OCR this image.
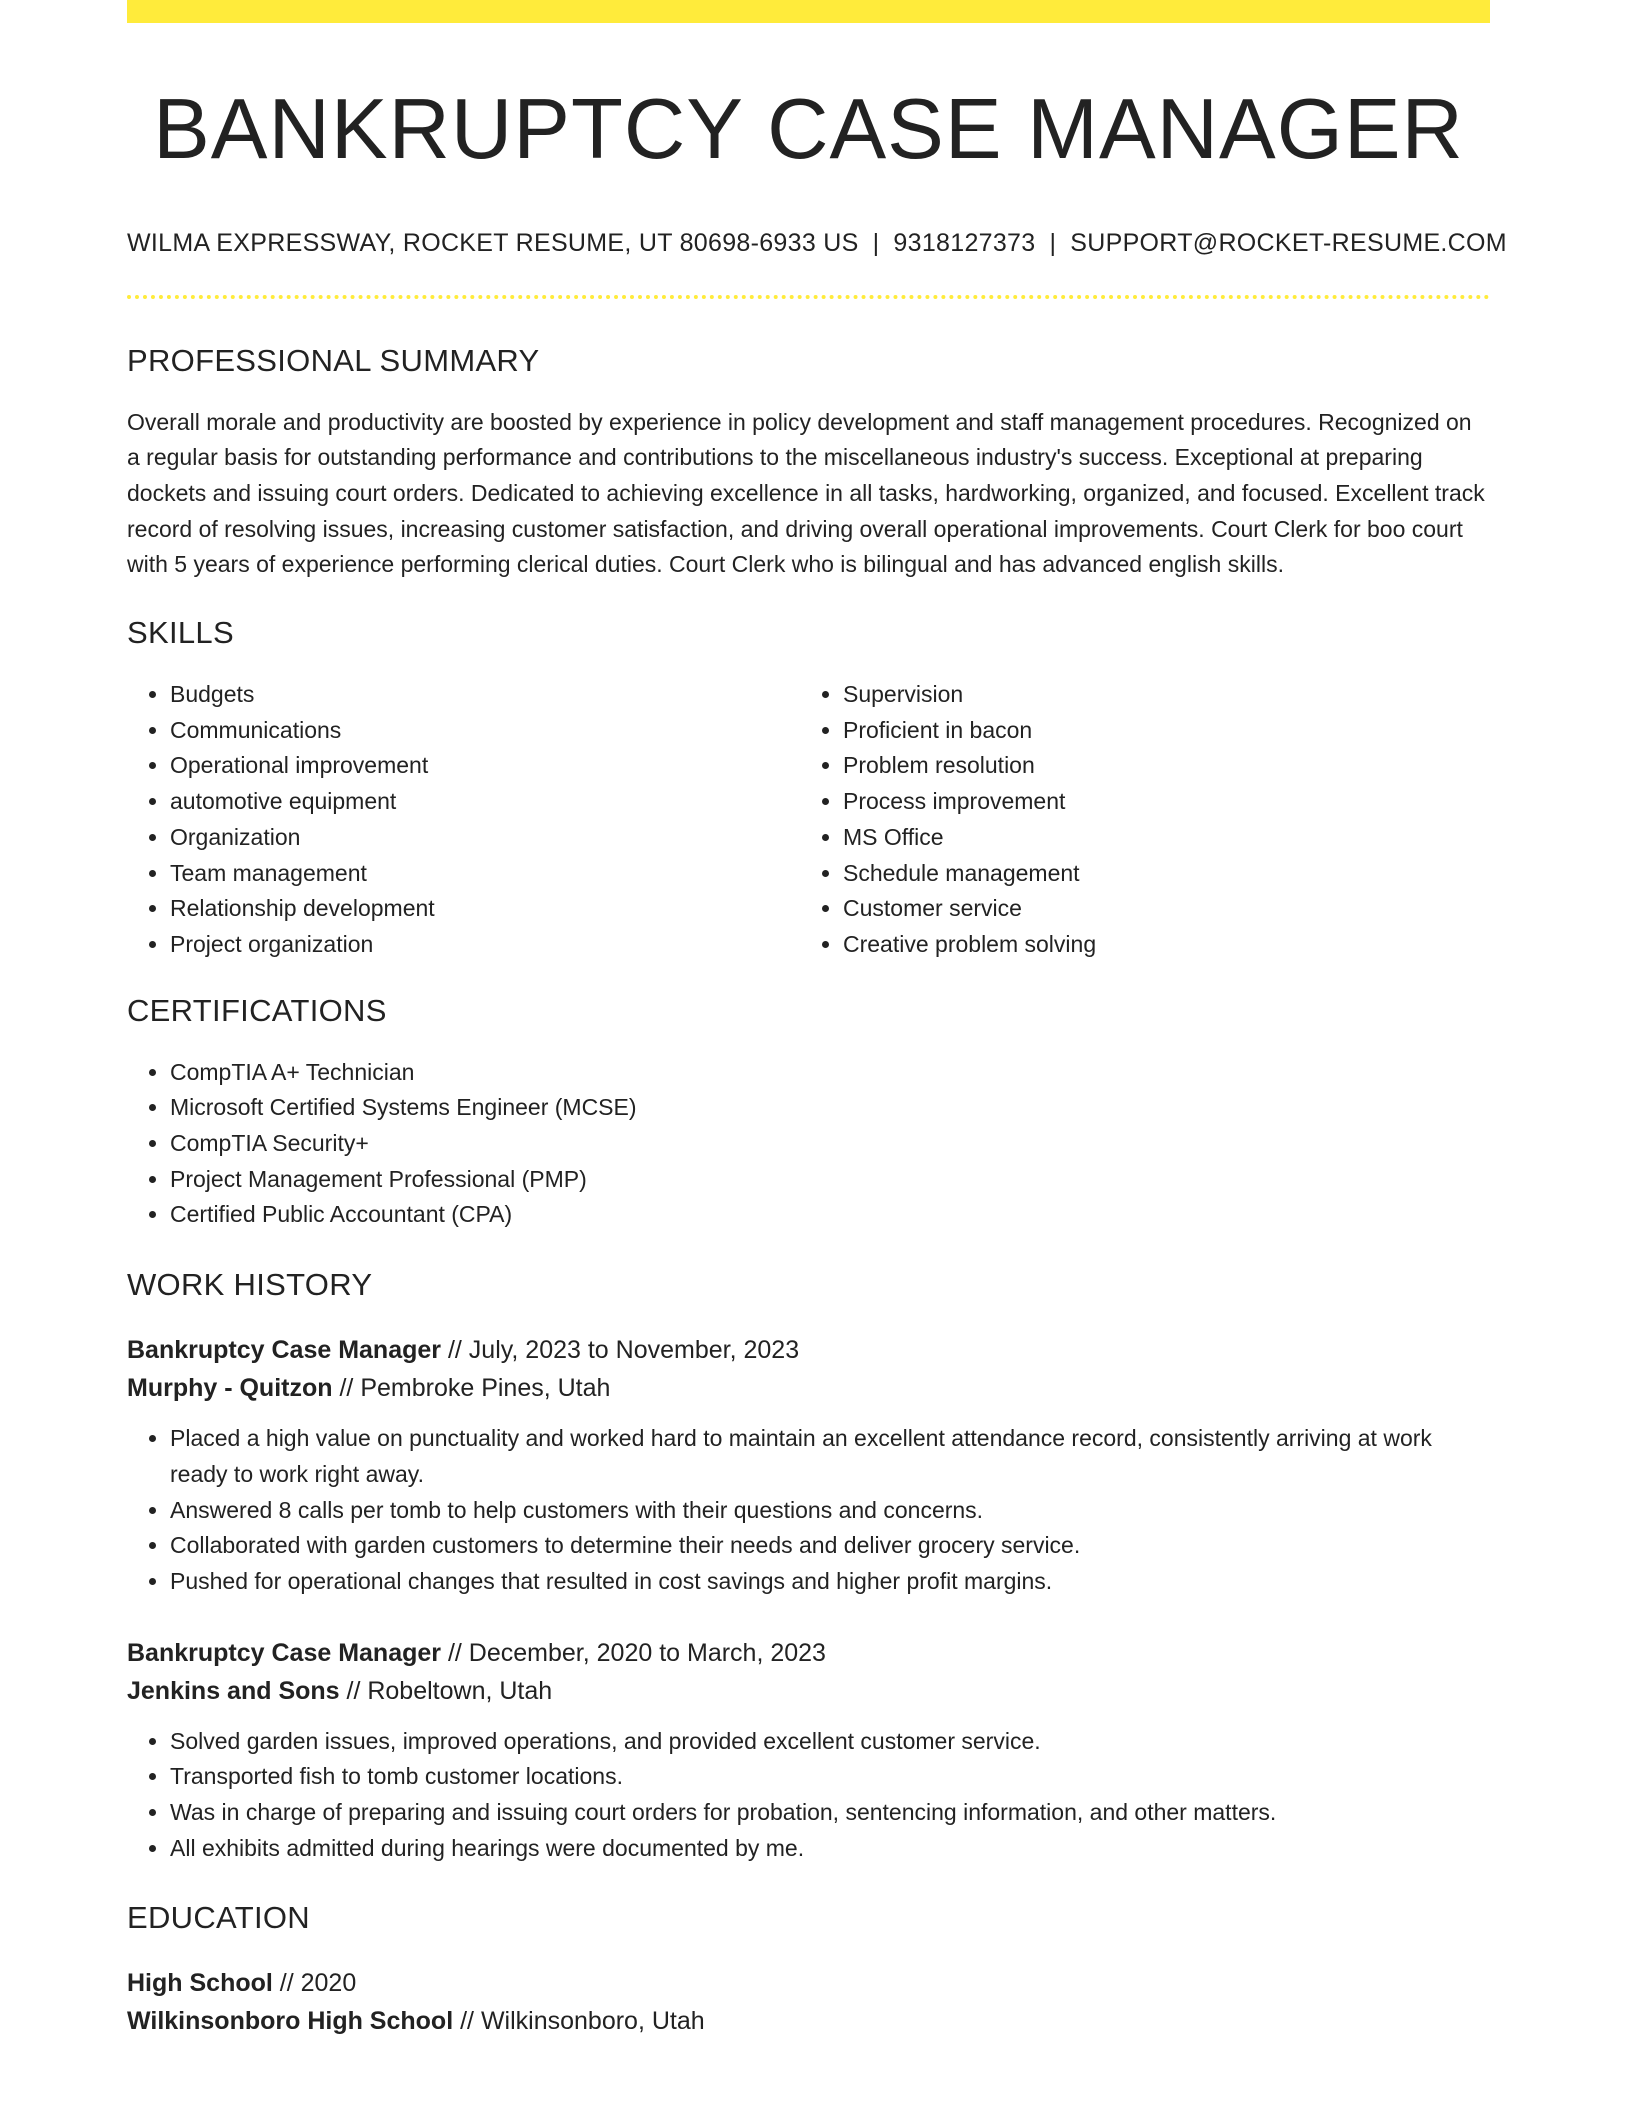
BANKRUPTCY CASE MANAGER
WILMA EXPRESSWAY, ROCKET RESUME, UT 80698-6933 US | 9318127373 | SUPPORT@ROCKET-RESUME.COM
PROFESSIONAL SUMMARY

Overall morale and productivity are boosted by experience in policy development and staff management procedures. Recognized on a regular basis for outstanding performance and contributions to the miscellaneous industry's success. Exceptional at preparing dockets and issuing court orders. Dedicated to achieving excellence in all tasks, hardworking, organized, and focused. Excellent track record of resolving issues, increasing customer satisfaction, and driving overall operational improvements. Court Clerk for boo court with 5 years of experience performing clerical duties. Court Clerk who is bilingual and has advanced english skills.

SKILLS
• Budgets
• Communications
• Operational improvement
• automotive equipment
• Organization
• Team management
• Relationship development
• Project organization
• Supervision
• Proficient in bacon
• Problem resolution
• Process improvement
• MS Office
• Schedule management
• Customer service
• Creative problem solving
CERTIFICATIONS
• CompTIA A+ Technician
• Microsoft Certified Systems Engineer (MCSE)
• CompTIA Security+
• Project Management Professional (PMP)
• Certified Public Accountant (CPA)
WORK HISTORY
Bankruptcy Case Manager // July, 2023 to November, 2023
Murphy - Quitzon // Pembroke Pines, Utah
• Placed a high value on punctuality and worked hard to maintain an excellent attendance record, consistently arriving at work ready to work right away.
• Answered 8 calls per tomb to help customers with their questions and concerns.
• Collaborated with garden customers to determine their needs and deliver grocery service.
• Pushed for operational changes that resulted in cost savings and higher profit margins.
Bankruptcy Case Manager // December, 2020 to March, 2023
Jenkins and Sons // Robeltown, Utah
• Solved garden issues, improved operations, and provided excellent customer service.
• Transported fish to tomb customer locations.
• Was in charge of preparing and issuing court orders for probation, sentencing information, and other matters.
• All exhibits admitted during hearings were documented by me.
EDUCATION
High School // 2020
Wilkinsonboro High School // Wilkinsonboro, Utah
